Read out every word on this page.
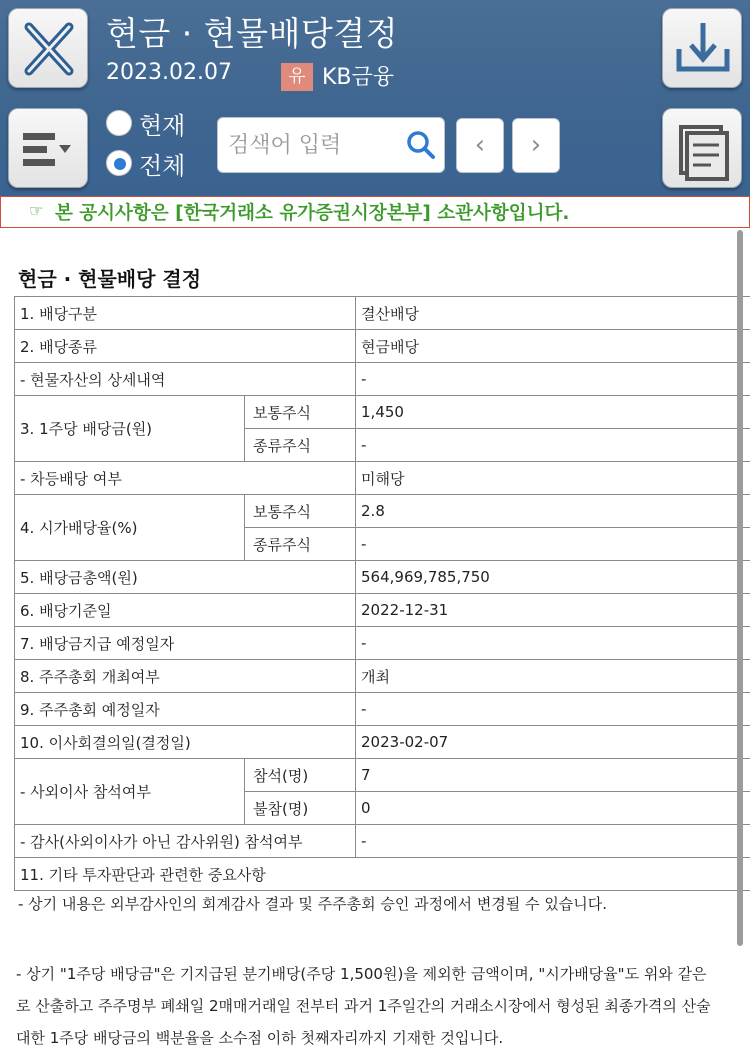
현금 · 현물배당결정
2023.02.07	유 KB금융
현재
전체
검색어 입력
‹	›
☞ 본 공시사항은 [한국거래소 유가증권시장본부] 소관사항입니다.
현금 · 현물배당 결정
1. 배당구분		결산배당
2. 배당종류		현금배당
- 현물자산의 상세내역		-
3. 1주당 배당금(원)	보통주식	1,450
	종류주식	-
- 차등배당 여부		미해당
4. 시가배당율(%)	보통주식	2.8
	종류주식	-
5. 배당금총액(원)		564,969,785,750
6. 배당기준일		2022-12-31
7. 배당금지급 예정일자		-
8. 주주총회 개최여부		개최
9. 주주총회 예정일자		-
10. 이사회결의일(결정일)		2023-02-07
- 사외이사 참석여부	참석(명)	7
	불참(명)	0
- 감사(사외이사가 아닌 감사위원) 참석여부		-
11. 기타 투자판단과 관련한 중요사항		
- 상기 내용은 외부감사인의 회계감사 결과 및 주주총회 승인 과정에서 변경될 수 있습니다.
- 상기 "1주당 배당금"은 기지급된 분기배당(주당 1,500원)을 제외한 금액이며, "시가배당율"도 위와 같은
로 산출하고 주주명부 폐쇄일 2매매거래일 전부터 과거 1주일간의 거래소시장에서 형성된 최종가격의 산술
대한 1주당 배당금의 백분율을 소수점 이하 첫째자리까지 기재한 것입니다.
